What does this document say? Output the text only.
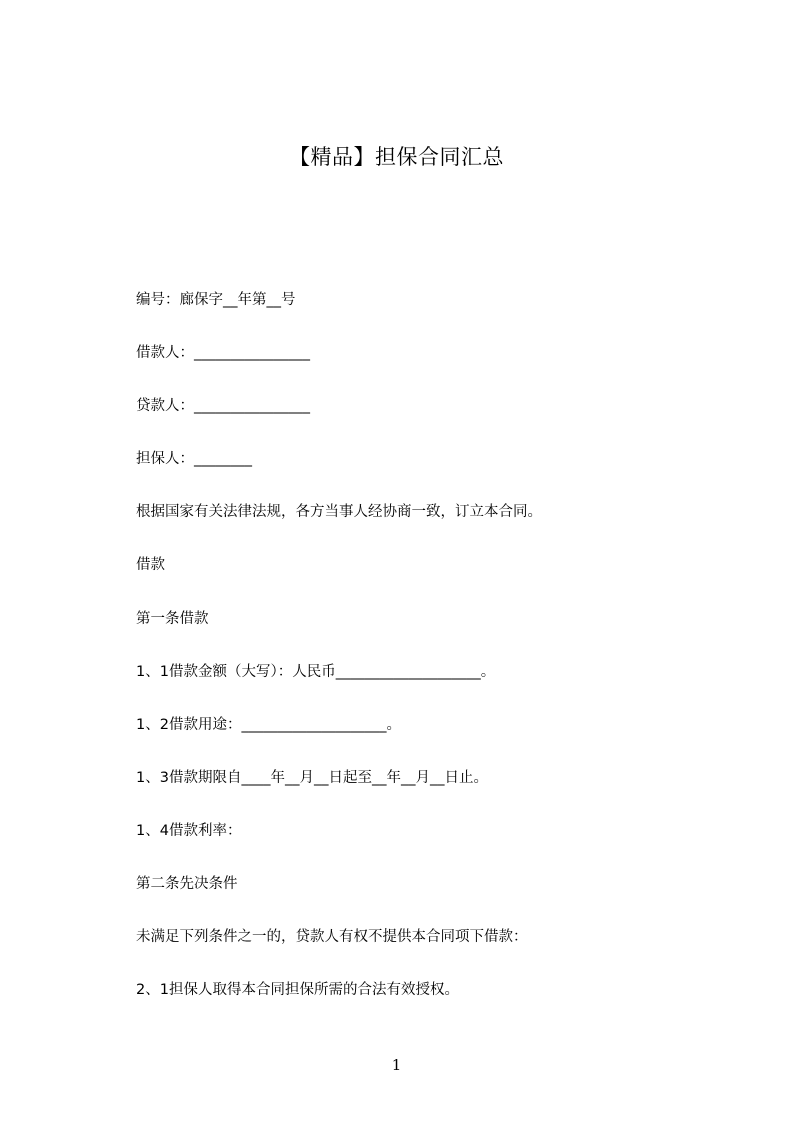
【精品】担保合同汇总
编号：廊保字__年第__号
借款人：________________
贷款人：________________
担保人：________
根据国家有关法律法规，各方当事人经协商一致，订立本合同。
借款
第一条借款
1、1借款金额（大写）：人民币____________________。
1、2借款用途：____________________。
1、3借款期限自____年__月__日起至__年__月__日止。
1、4借款利率：
第二条先决条件
未满足下列条件之一的，贷款人有权不提供本合同项下借款：
2、1担保人取得本合同担保所需的合法有效授权。
1
